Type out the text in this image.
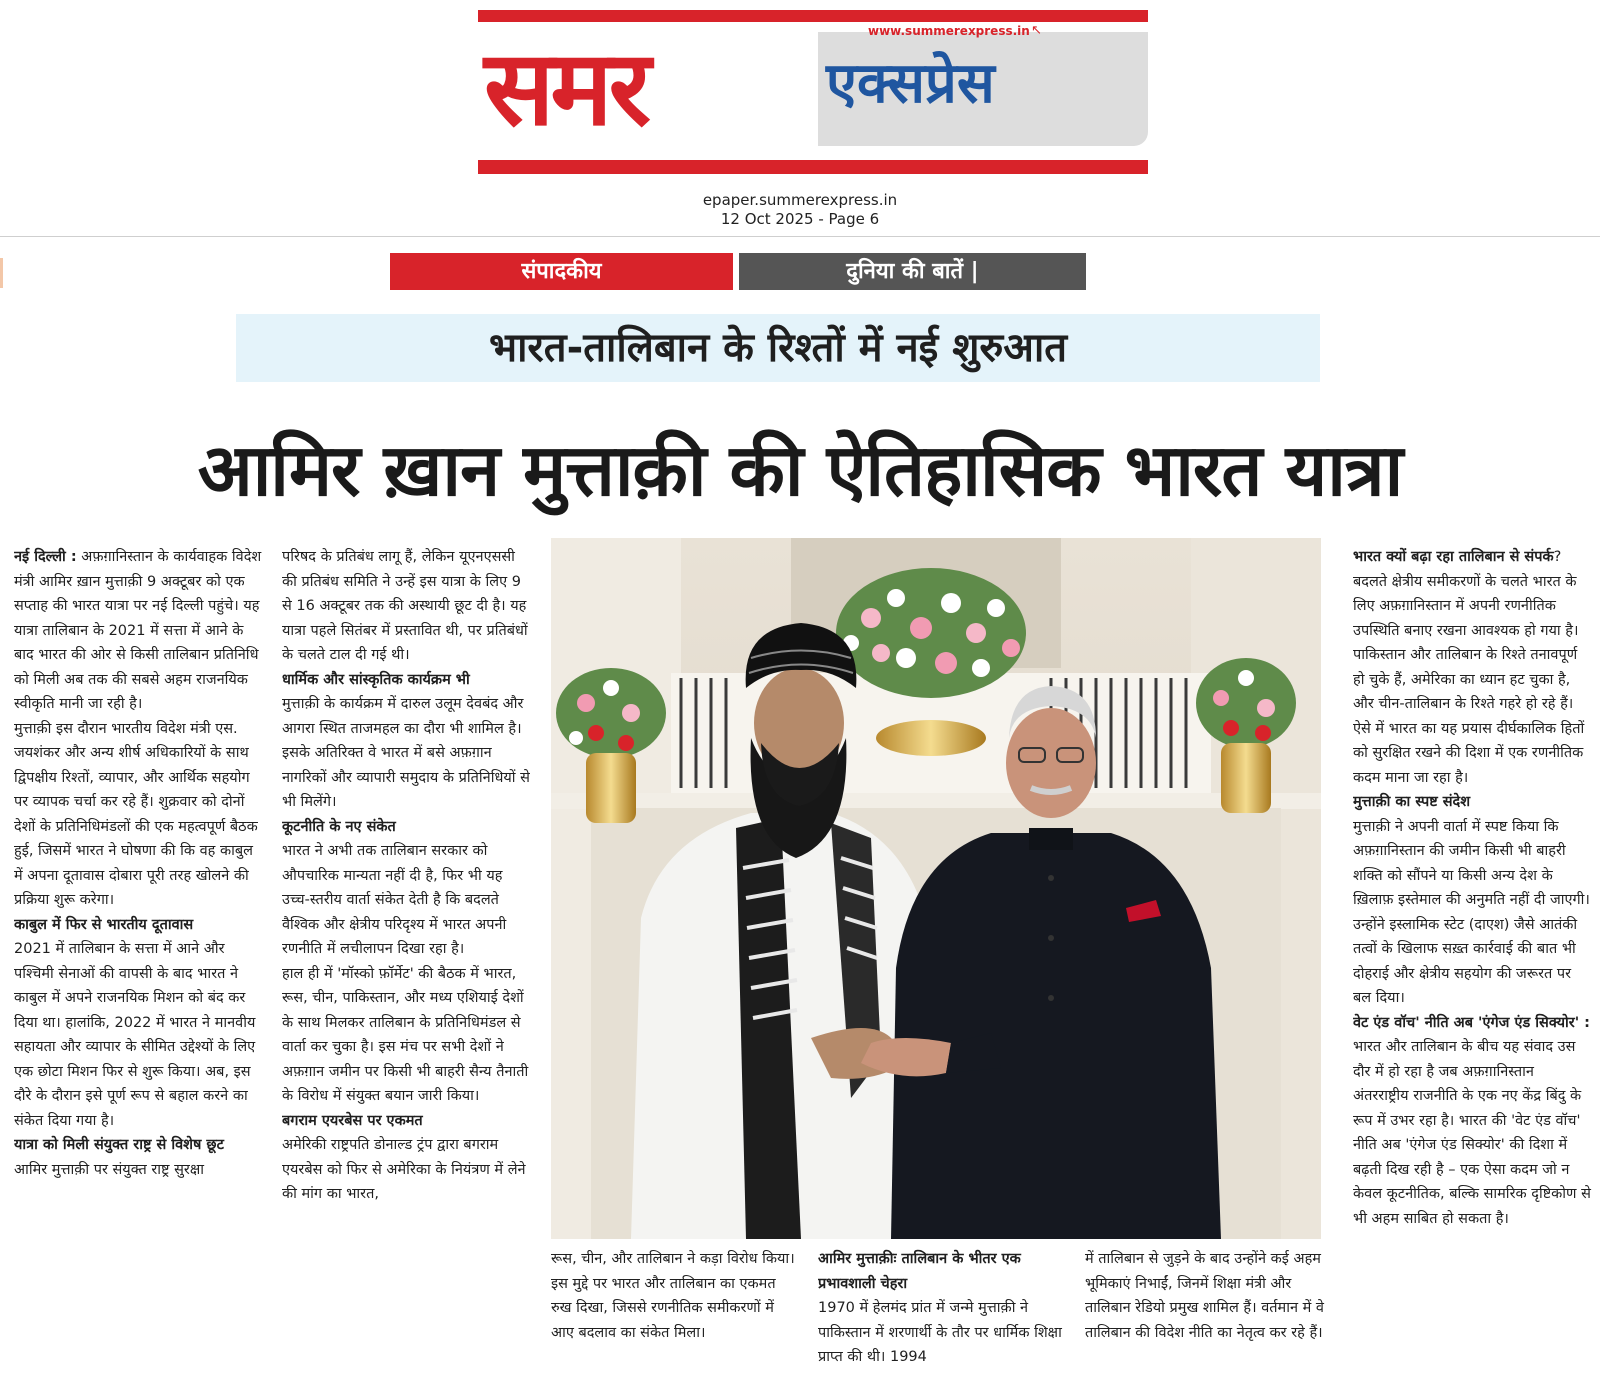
समर	एक्सप्रेस
www.summerexpress.in ↖
epaper.summerexpress.in
12 Oct 2025 - Page 6
संपादकीय	दुनिया की बातें |
भारत-तालिबान के रिश्तों में नई शुरुआत
आमिर ख़ान मुत्ताक़ी की ऐतिहासिक भारत यात्रा

नई दिल्ली : अफ़ग़ानिस्तान के कार्यवाहक विदेश मंत्री आमिर ख़ान मुत्ताक़ी 9 अक्टूबर को एक सप्ताह की भारत यात्रा पर नई दिल्ली पहुंचे। यह यात्रा तालिबान के 2021 में सत्ता में आने के बाद भारत की ओर से किसी तालिबान प्रतिनिधि को मिली अब तक की सबसे अहम राजनयिक स्वीकृति मानी जा रही है।

मुत्ताक़ी इस दौरान भारतीय विदेश मंत्री एस. जयशंकर और अन्य शीर्ष अधिकारियों के साथ द्विपक्षीय रिश्तों, व्यापार, और आर्थिक सहयोग पर व्यापक चर्चा कर रहे हैं। शुक्रवार को दोनों देशों के प्रतिनिधिमंडलों की एक महत्वपूर्ण बैठक हुई, जिसमें भारत ने घोषणा की कि वह काबुल में अपना दूतावास दोबारा पूरी तरह खोलने की प्रक्रिया शुरू करेगा।

काबुल में फिर से भारतीय दूतावास

2021 में तालिबान के सत्ता में आने और पश्चिमी सेनाओं की वापसी के बाद भारत ने काबुल में अपने राजनयिक मिशन को बंद कर दिया था। हालांकि, 2022 में भारत ने मानवीय सहायता और व्यापार के सीमित उद्देश्यों के लिए एक छोटा मिशन फिर से शुरू किया। अब, इस दौरे के दौरान इसे पूर्ण रूप से बहाल करने का संकेत दिया गया है।

यात्रा को मिली संयुक्त राष्ट्र से विशेष छूट

आमिर मुत्ताक़ी पर संयुक्त राष्ट्र सुरक्षा

परिषद के प्रतिबंध लागू हैं, लेकिन यूएनएससी की प्रतिबंध समिति ने उन्हें इस यात्रा के लिए 9 से 16 अक्टूबर तक की अस्थायी छूट दी है। यह यात्रा पहले सितंबर में प्रस्तावित थी, पर प्रतिबंधों के चलते टाल दी गई थी।

धार्मिक और सांस्कृतिक कार्यक्रम भी

मुत्ताक़ी के कार्यक्रम में दारुल उलूम देवबंद और आगरा स्थित ताजमहल का दौरा भी शामिल है। इसके अतिरिक्त वे भारत में बसे अफ़ग़ान नागरिकों और व्यापारी समुदाय के प्रतिनिधियों से भी मिलेंगे।

कूटनीति के नए संकेत

भारत ने अभी तक तालिबान सरकार को औपचारिक मान्यता नहीं दी है, फिर भी यह उच्च-स्तरीय वार्ता संकेत देती है कि बदलते वैश्विक और क्षेत्रीय परिदृश्य में भारत अपनी रणनीति में लचीलापन दिखा रहा है।

हाल ही में 'मॉस्को फ़ॉर्मेट' की बैठक में भारत, रूस, चीन, पाकिस्तान, और मध्य एशियाई देशों के साथ मिलकर तालिबान के प्रतिनिधिमंडल से वार्ता कर चुका है। इस मंच पर सभी देशों ने अफ़ग़ान जमीन पर किसी भी बाहरी सैन्य तैनाती के विरोध में संयुक्त बयान जारी किया।

बगराम एयरबेस पर एकमत

अमेरिकी राष्ट्रपति डोनाल्ड ट्रंप द्वारा बगराम एयरबेस को फिर से अमेरिका के नियंत्रण में लेने की मांग का भारत,

रूस, चीन, और तालिबान ने कड़ा विरोध किया। इस मुद्दे पर भारत और तालिबान का एकमत रुख दिखा, जिससे रणनीतिक समीकरणों में आए बदलाव का संकेत मिला।

आमिर मुत्ताक़ीः तालिबान के भीतर एक प्रभावशाली चेहरा

1970 में हेलमंद प्रांत में जन्मे मुत्ताक़ी ने पाकिस्तान में शरणार्थी के तौर पर धार्मिक शिक्षा प्राप्त की थी। 1994

में तालिबान से जुड़ने के बाद उन्होंने कई अहम भूमिकाएं निभाईं, जिनमें शिक्षा मंत्री और तालिबान रेडियो प्रमुख शामिल हैं। वर्तमान में वे तालिबान की विदेश नीति का नेतृत्व कर रहे हैं।

भारत क्यों बढ़ा रहा तालिबान से संपर्क?

बदलते क्षेत्रीय समीकरणों के चलते भारत के लिए अफ़ग़ानिस्तान में अपनी रणनीतिक उपस्थिति बनाए रखना आवश्यक हो गया है। पाकिस्तान और तालिबान के रिश्ते तनावपूर्ण हो चुके हैं, अमेरिका का ध्यान हट चुका है, और चीन-तालिबान के रिश्ते गहरे हो रहे हैं। ऐसे में भारत का यह प्रयास दीर्घकालिक हितों को सुरक्षित रखने की दिशा में एक रणनीतिक कदम माना जा रहा है।

मुत्ताक़ी का स्पष्ट संदेश

मुत्ताक़ी ने अपनी वार्ता में स्पष्ट किया कि अफ़ग़ानिस्तान की जमीन किसी भी बाहरी शक्ति को सौंपने या किसी अन्य देश के ख़िलाफ़ इस्तेमाल की अनुमति नहीं दी जाएगी। उन्होंने इस्लामिक स्टेट (दाएश) जैसे आतंकी तत्वों के खिलाफ सख़्त कार्रवाई की बात भी दोहराई और क्षेत्रीय सहयोग की जरूरत पर बल दिया।

वेट एंड वॉच' नीति अब 'एंगेज एंड सिक्योर' : भारत और तालिबान के बीच यह संवाद उस दौर में हो रहा है जब अफ़ग़ानिस्तान अंतरराष्ट्रीय राजनीति के एक नए केंद्र बिंदु के रूप में उभर रहा है। भारत की 'वेट एंड वॉच' नीति अब 'एंगेज एंड सिक्योर' की दिशा में बढ़ती दिख रही है – एक ऐसा कदम जो न केवल कूटनीतिक, बल्कि सामरिक दृष्टिकोण से भी अहम साबित हो सकता है।
